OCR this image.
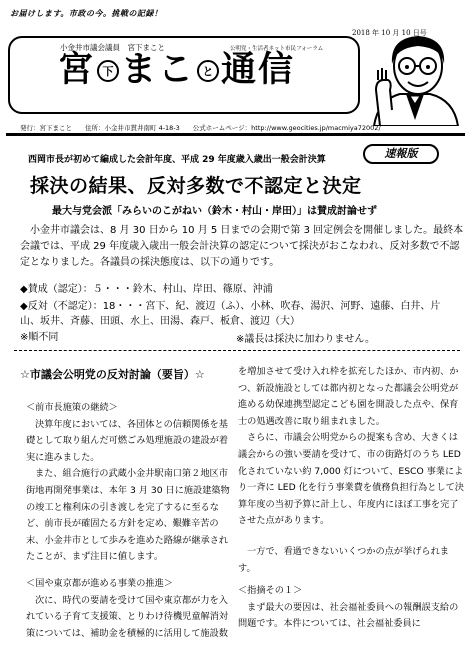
お届けします。市政の今。挑戦の記録！
2018 年 10 月 10 日号
小金井市議会議員　宮下まこと	公明党・生活者ネット市民フォーラム
宮 下 まこ と 通信
発行：宮下まこと　　住所：小金井市貫井南町 4-18-3　　公式ホームページ：http://www.geocities.jp/macmiya72002/
西岡市長が初めて編成した会計年度、平成 29 年度歳入歳出一般会計決算	速報版
採決の結果、反対多数で不認定と決定
最大与党会派「みらいのこがねい（鈴木・村山・岸田）」は賛成討論せず
小金井市議会は、8 月 30 日から 10 月 5 日までの会期で第 3 回定例会を開催しました。最終本会議では、平成 29 年度歳入歳出一般会計決算の認定について採決がおこなわれ、反対多数で不認定となりました。各議員の採決態度は、以下の通りです。
◆賛成（認定）：５・・・鈴木、村山、岸田、篠原、沖浦
◆反対（不認定）：18・・・宮下、紀、渡辺（ふ）、小林、吹春、湯沢、河野、遠藤、白井、片
山、坂井、斉藤、田頭、水上、田湯、森戸、板倉、渡辺（大）
※順不同	※議長は採決に加わりません。
☆市議会公明党の反対討論（要旨）☆

＜前市長施策の継続＞

決算年度においては、各団体との信頼関係を基礎として取り組んだ可燃ごみ処理施設の建設が着実に進みました。

また、組合施行の武蔵小金井駅南口第２地区市街地再開発事業は、本年 3 月 30 日に施設建築物の竣工と権利床の引き渡しを完了するに至るなど、前市長が確固たる方針を定め、艱難辛苦の末、小金井市として歩みを進めた路線が継承されたことが、まず注目に値します。

＜国や東京都が進める事業の推進＞

次に、時代の要請を受けて国や東京都が力を入れている子育て支援策、とりわけ待機児童解消対策については、補助金を積極的に活用して施設数

を増加させて受け入れ枠を拡充したほか、市内初、かつ、新設施設としては都内初となった都議会公明党が進める幼保連携型認定こども園を開設した点や、保育士の処遇改善に取り組まれました。

さらに、市議会公明党からの提案も含め、大きくは議会からの強い要請を受けて、市の街路灯のうち LED 化されていない約 7,000 灯について、ESCO 事業により一斉に LED 化を行う事業費を債務負担行為として決算年度の当初予算に計上し、年度内にほぼ工事を完了させた点があります。

一方で、看過できないいくつかの点が挙げられます。

＜指摘その１＞

まず最大の要因は、社会福祉委員への報酬誤支給の問題です。本件については、社会福祉委員に
